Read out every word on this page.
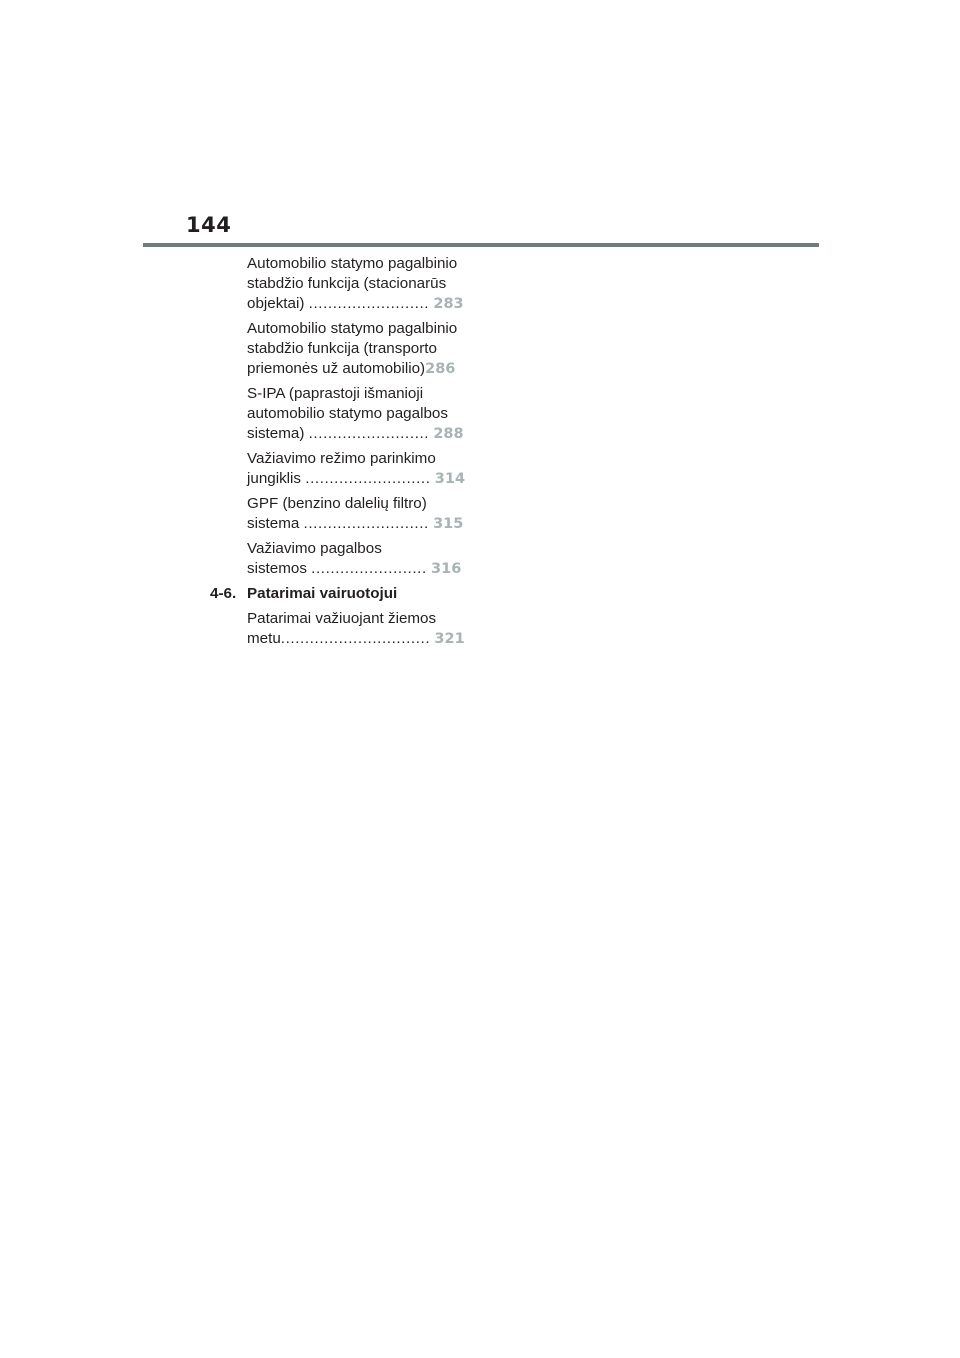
144
Automobilio statymo pagalbinio
stabdžio funkcija (stacionarūs
objektai) ......................... 283
Automobilio statymo pagalbinio
stabdžio funkcija (transporto
priemonės už automobilio)286
S-IPA (paprastoji išmanioji
automobilio statymo pagalbos
sistema) ......................... 288
Važiavimo režimo parinkimo
jungiklis .......................... 314
GPF (benzino dalelių filtro)
sistema .......................... 315
Važiavimo pagalbos
sistemos ........................ 316
4-6. Patarimai vairuotojui
Patarimai važiuojant žiemos
metu............................... 321
